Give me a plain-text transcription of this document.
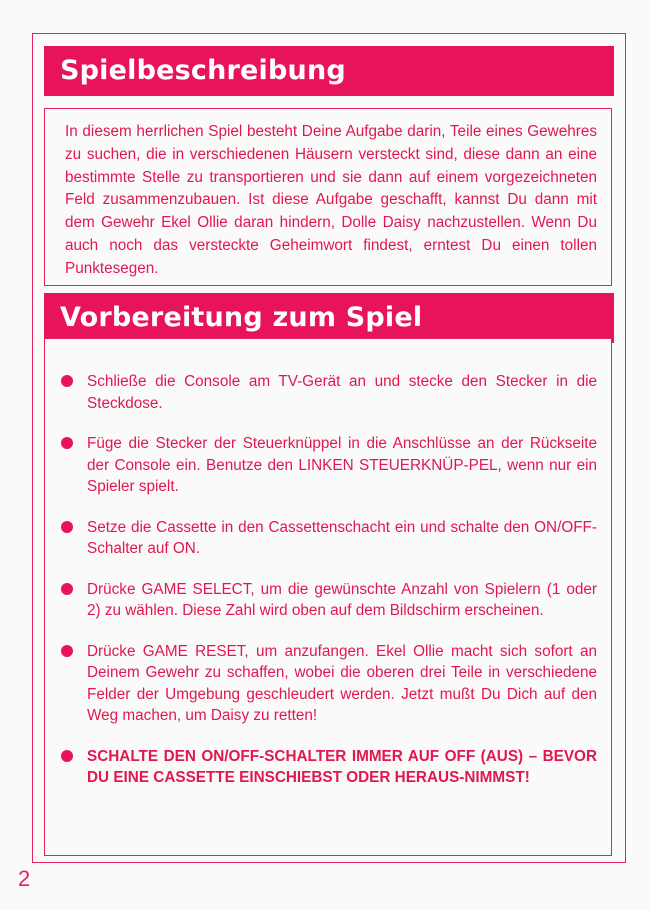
Spielbeschreibung

In diesem herrlichen Spiel besteht Deine Aufgabe darin, Teile eines Gewehres zu suchen, die in verschiedenen Häusern versteckt sind, diese dann an eine bestimmte Stelle zu transportieren und sie dann auf einem vorgezeichneten Feld zusammenzubauen. Ist diese Aufgabe geschafft, kannst Du dann mit dem Gewehr Ekel Ollie daran hindern, Dolle Daisy nachzustellen. Wenn Du auch noch das versteckte Geheimwort findest, erntest Du einen tollen Punktesegen.

Vorbereitung zum Spiel
Schließe die Console am TV-Gerät an und stecke den Stecker in die Steckdose.
Füge die Stecker der Steuerknüppel in die Anschlüsse an der Rückseite der Console ein. Benutze den LINKEN STEUERKNÜP-PEL, wenn nur ein Spieler spielt.
Setze die Cassette in den Cassettenschacht ein und schalte den ON/OFF-Schalter auf ON.
Drücke GAME SELECT, um die gewünschte Anzahl von Spielern (1 oder 2) zu wählen. Diese Zahl wird oben auf dem Bildschirm erscheinen.
Drücke GAME RESET, um anzufangen. Ekel Ollie macht sich sofort an Deinem Gewehr zu schaffen, wobei die oberen drei Teile in verschiedene Felder der Umgebung geschleudert werden. Jetzt mußt Du Dich auf den Weg machen, um Daisy zu retten!
SCHALTE DEN ON/OFF-SCHALTER IMMER AUF OFF (AUS) – BEVOR DU EINE CASSETTE EINSCHIEBST ODER HERAUS-NIMMST!
2
